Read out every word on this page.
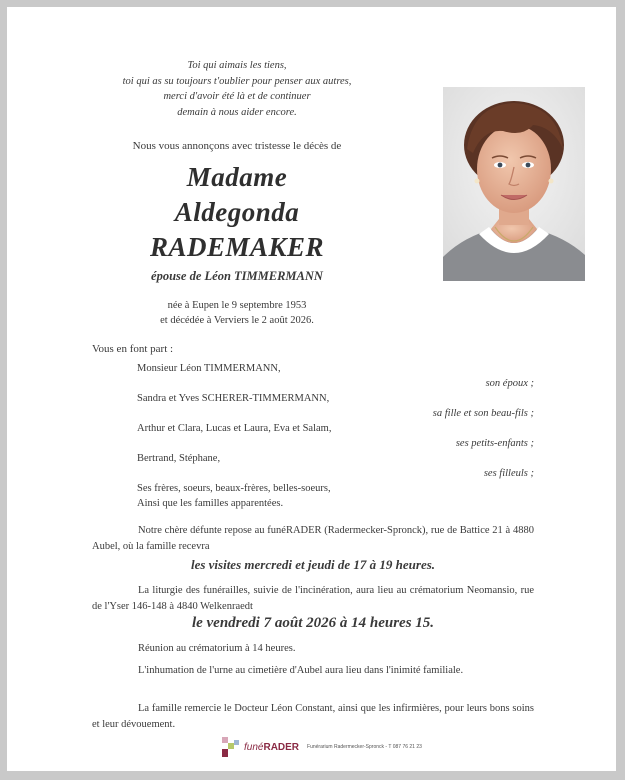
Toi qui aimais les tiens,
toi qui as su toujours t'oublier pour penser aux autres,
merci d'avoir été là et de continuer
demain à nous aider encore.
Nous vous annonçons avec tristesse le décès de
Madame
Aldegonda
RADEMAKER
épouse de Léon TIMMERMANN
née à Eupen le 9 septembre 1953
et décédée à Verviers le 2 août 2026.
Vous en font part :
Monsieur Léon TIMMERMANN,
son époux ;
Sandra et Yves SCHERER-TIMMERMANN,
sa fille et son beau-fils ;
Arthur et Clara, Lucas et Laura, Eva et Salam,
ses petits-enfants ;
Bertrand, Stéphane,
ses filleuls ;
Ses frères, soeurs, beaux-frères, belles-soeurs,
Ainsi que les familles apparentées.
Notre chère défunte repose au funéRADER (Radermecker-Spronck), rue de Battice 21 à 4880 Aubel, où la famille recevra
les visites mercredi et jeudi de 17 à 19 heures.
La liturgie des funérailles, suivie de l'incinération, aura lieu au crématorium Neomansio, rue de l'Yser 146-148 à 4840 Welkenraedt
le vendredi 7 août 2026 à 14 heures 15.
Réunion au crématorium à 14 heures.
L'inhumation de l'urne au cimetière d'Aubel aura lieu dans l'inimité familiale.
La famille remercie le Docteur Léon Constant, ainsi que les infirmières, pour leurs bons soins et leur dévouement.
funéRADER Funérarium Radermecker-Spronck - T 087 76 21 23
